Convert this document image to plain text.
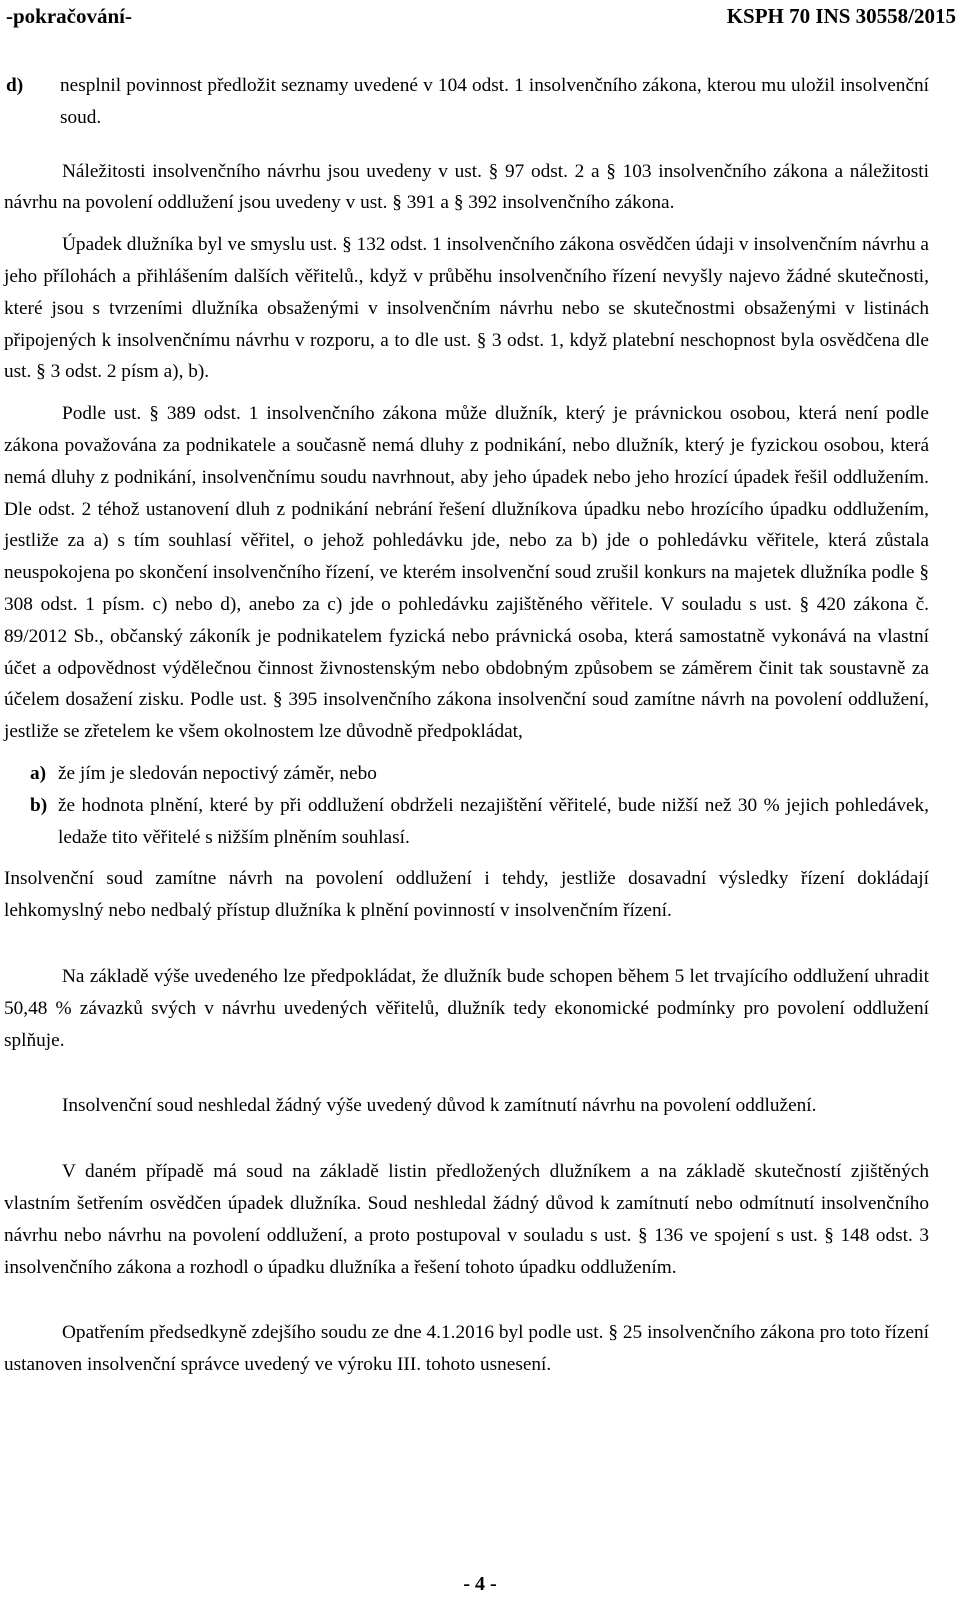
-pokračování-	KSPH 70 INS 30558/2015
d)	nesplnil povinnost předložit seznamy uvedené v 104 odst. 1 insolvenčního zákona, kterou mu uložil insolvenční soud.

Náležitosti insolvenčního návrhu jsou uvedeny v ust. § 97 odst. 2 a § 103 insolvenčního zákona a náležitosti návrhu na povolení oddlužení jsou uvedeny v ust. § 391 a § 392 insolvenčního zákona.

Úpadek dlužníka byl ve smyslu ust. § 132 odst. 1 insolvenčního zákona osvědčen údaji v insolvenčním návrhu a jeho přílohách a přihlášením dalších věřitelů., když v průběhu insolvenčního řízení nevyšly najevo žádné skutečnosti, které jsou s tvrzeními dlužníka obsaženými v insolvenčním návrhu nebo se skutečnostmi obsaženými v listinách připojených k insolvenčnímu návrhu v rozporu, a to dle ust. § 3 odst. 1, když platební neschopnost byla osvědčena dle ust. § 3 odst. 2 písm a), b).

Podle ust. § 389 odst. 1 insolvenčního zákona může dlužník, který je právnickou osobou, která není podle zákona považována za podnikatele a současně nemá dluhy z podnikání, nebo dlužník, který je fyzickou osobou, která nemá dluhy z podnikání, insolvenčnímu soudu navrhnout, aby jeho úpadek nebo jeho hrozící úpadek řešil oddlužením. Dle odst. 2 téhož ustanovení dluh z podnikání nebrání řešení dlužníkova úpadku nebo hrozícího úpadku oddlužením, jestliže za a) s tím souhlasí věřitel, o jehož pohledávku jde, nebo za b) jde o pohledávku věřitele, která zůstala neuspokojena po skončení insolvenčního řízení, ve kterém insolvenční soud zrušil konkurs na majetek dlužníka podle § 308 odst. 1 písm. c) nebo d), anebo za c) jde o pohledávku zajištěného věřitele. V souladu s ust. § 420 zákona č. 89/2012 Sb., občanský zákoník je podnikatelem fyzická nebo právnická osoba, která samostatně vykonává na vlastní účet a odpovědnost výdělečnou činnost živnostenským nebo obdobným způsobem se záměrem činit tak soustavně za účelem dosažení zisku. Podle ust. § 395 insolvenčního zákona insolvenční soud zamítne návrh na povolení oddlužení, jestliže se zřetelem ke všem okolnostem lze důvodně předpokládat,

a) že jím je sledován nepoctivý záměr, nebo
b) že hodnota plnění, které by při oddlužení obdrželi nezajištění věřitelé, bude nižší než 30 % jejich pohledávek, ledaže tito věřitelé s nižším plněním souhlasí.

Insolvenční soud zamítne návrh na povolení oddlužení i tehdy, jestliže dosavadní výsledky řízení dokládají lehkomyslný nebo nedbalý přístup dlužníka k plnění povinností v insolvenčním řízení.

Na základě výše uvedeného lze předpokládat, že dlužník bude schopen během 5 let trvajícího oddlužení uhradit 50,48 % závazků svých v návrhu uvedených věřitelů, dlužník tedy ekonomické podmínky pro povolení oddlužení splňuje.

Insolvenční soud neshledal žádný výše uvedený důvod k zamítnutí návrhu na povolení oddlužení.

V daném případě má soud na základě listin předložených dlužníkem a na základě skutečností zjištěných vlastním šetřením osvědčen úpadek dlužníka. Soud neshledal žádný důvod k zamítnutí nebo odmítnutí insolvenčního návrhu nebo návrhu na povolení oddlužení, a proto postupoval v souladu s ust. § 136 ve spojení s ust. § 148 odst. 3 insolvenčního zákona a rozhodl o úpadku dlužníka a řešení tohoto úpadku oddlužením.

Opatřením předsedkyně zdejšího soudu ze dne 4.1.2016 byl podle ust. § 25 insolvenčního zákona pro toto řízení ustanoven insolvenční správce uvedený ve výroku III. tohoto usnesení.

- 4 -
